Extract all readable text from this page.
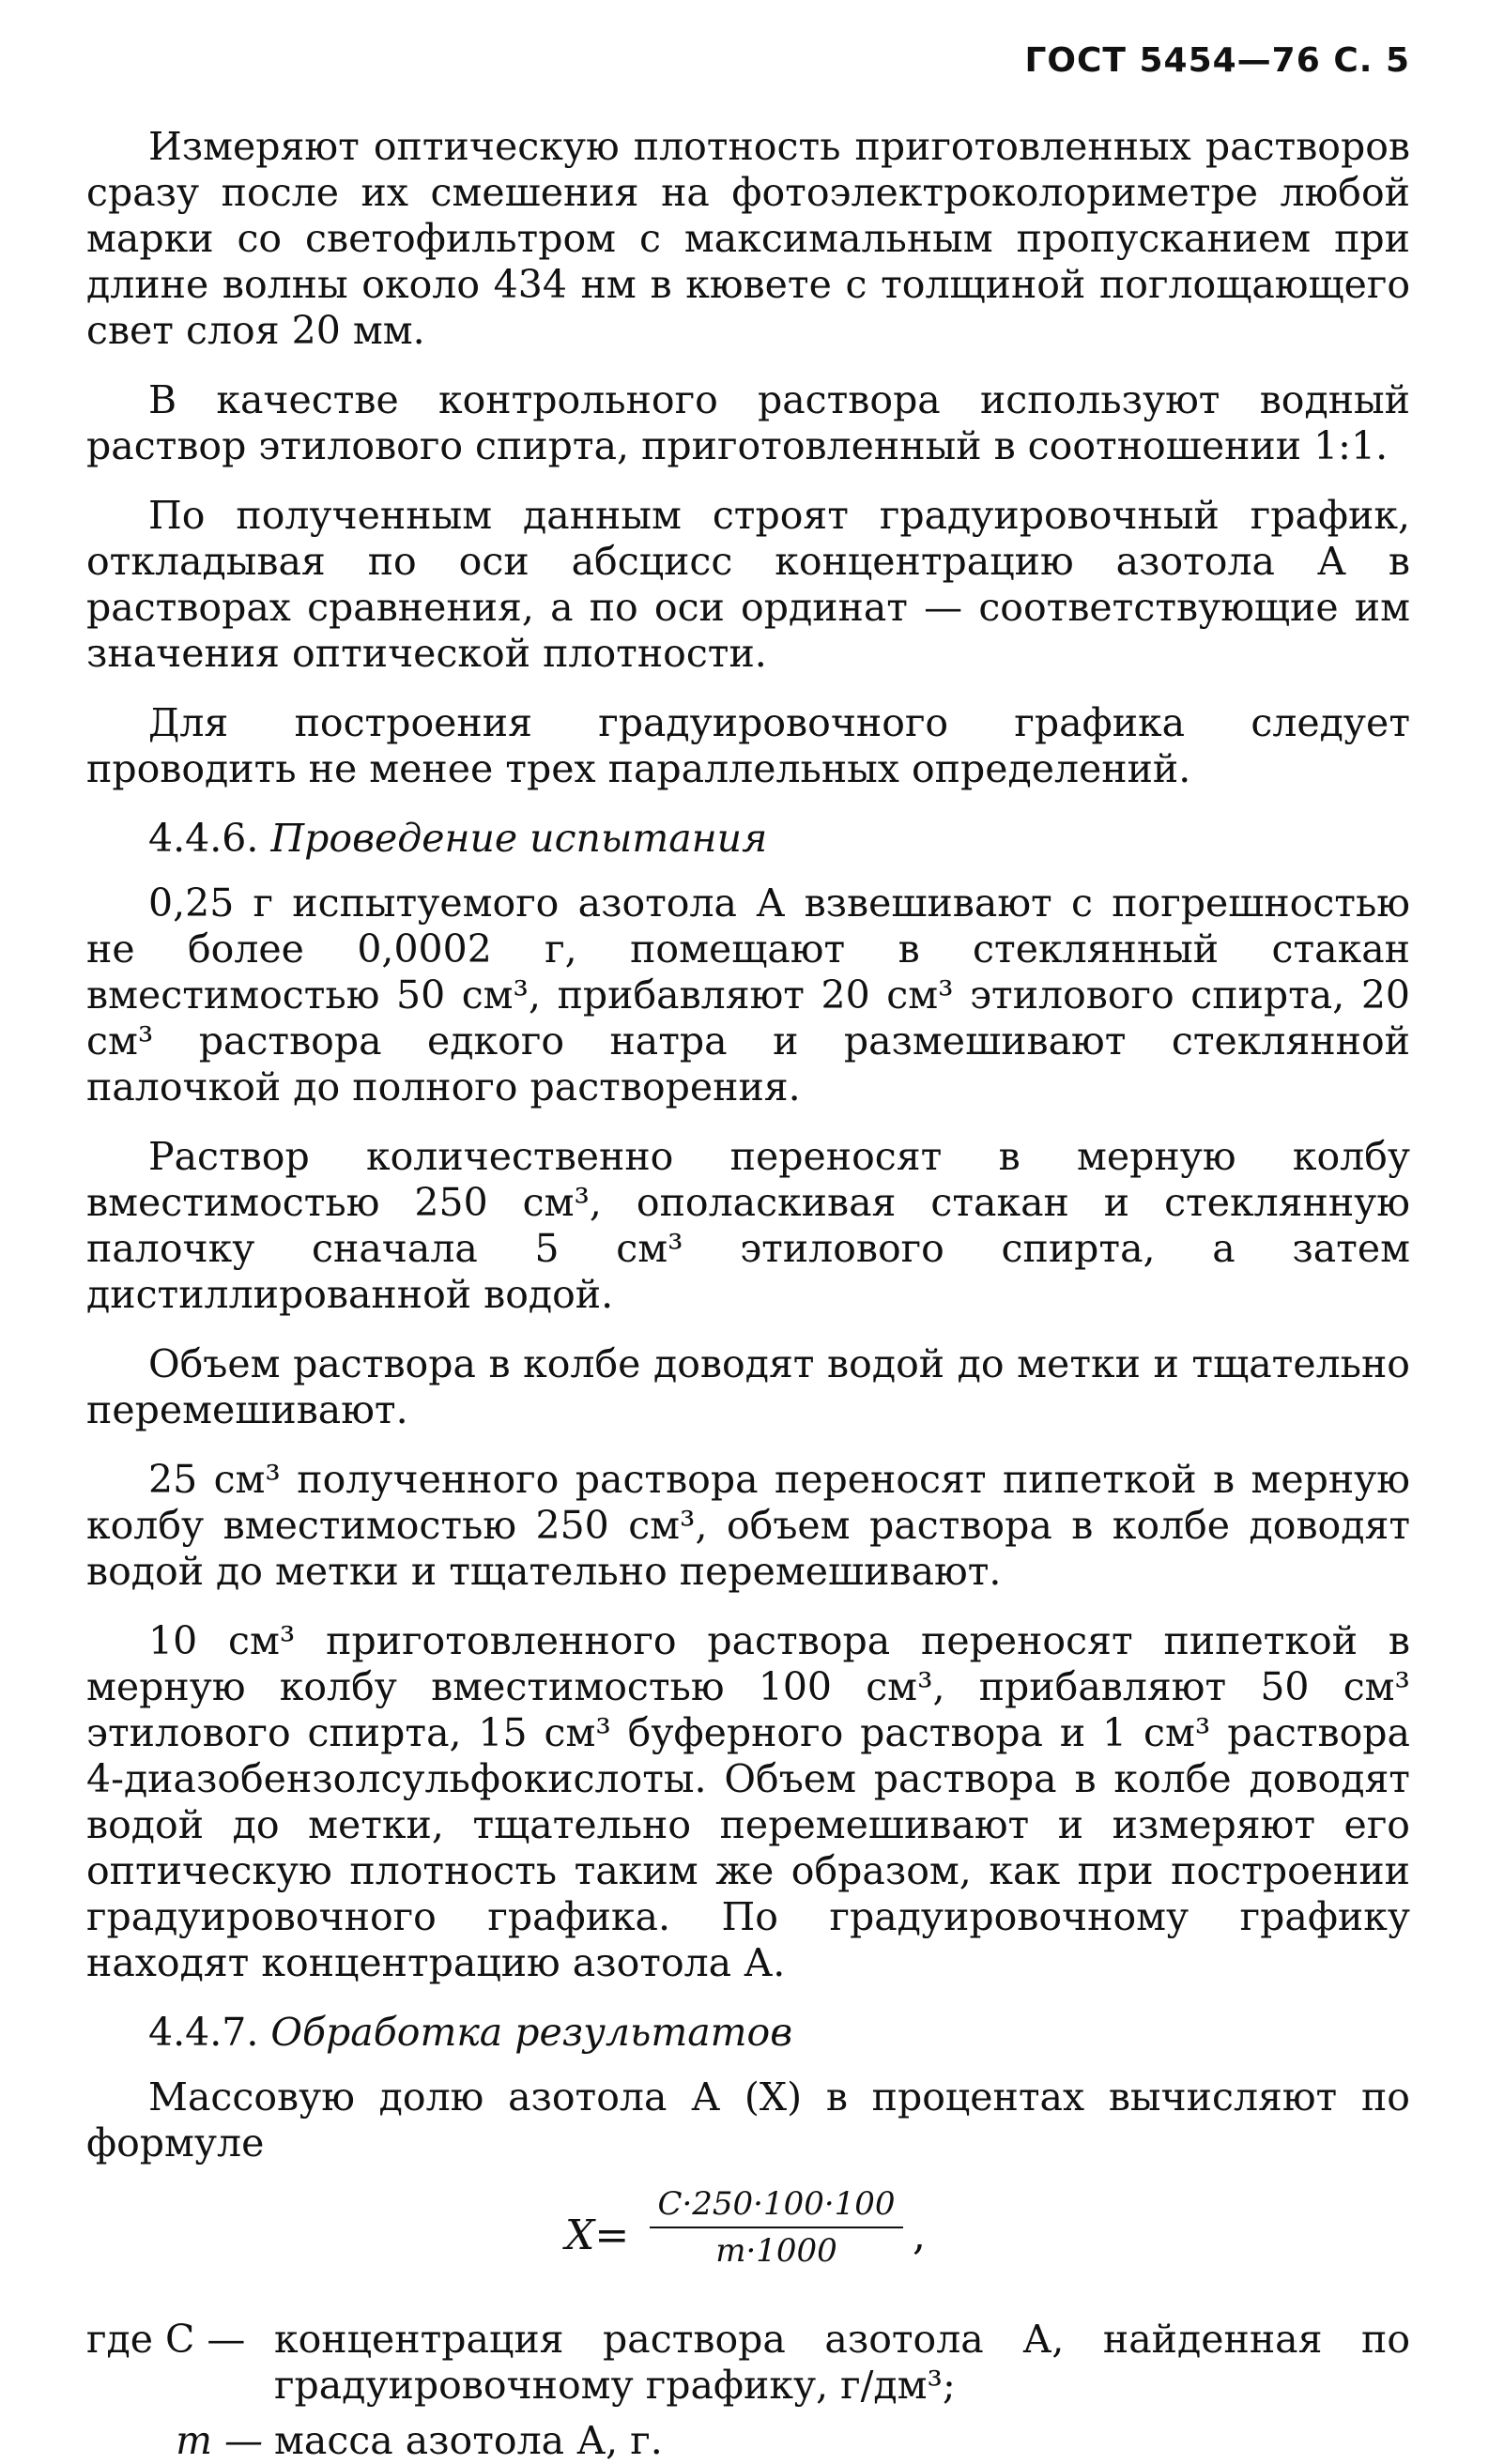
ГОСТ 5454—76 С. 5

Измеряют оптическую плотность приготовленных растворов сразу после их смешения на фотоэлектроколориметре любой марки со светофильтром с максимальным пропусканием при длине волны около 434 нм в кювете с толщиной поглощающего свет слоя 20 мм.

В качестве контрольного раствора используют водный раствор этилового спирта, приготовленный в соотношении 1:1.

По полученным данным строят градуировочный график, откладывая по оси абсцисс концентрацию азотола А в растворах сравнения, а по оси ординат — соответствующие им значения оптической плотности.

Для построения градуировочного графика следует проводить не менее трех параллельных определений.

4.4.6. Проведение испытания

0,25 г испытуемого азотола А взвешивают с погрешностью не более 0,0002 г, помещают в стеклянный стакан вместимостью 50 см³, прибавляют 20 см³ этилового спирта, 20 см³ раствора едкого натра и размешивают стеклянной палочкой до полного растворения.

Раствор количественно переносят в мерную колбу вместимостью 250 см³, ополаскивая стакан и стеклянную палочку сначала 5 см³ этилового спирта, а затем дистиллированной водой.

Объем раствора в колбе доводят водой до метки и тщательно перемешивают.

25 см³ полученного раствора переносят пипеткой в мерную колбу вместимостью 250 см³, объем раствора в колбе доводят водой до метки и тщательно перемешивают.

10 см³ приготовленного раствора переносят пипеткой в мерную колбу вместимостью 100 см³, прибавляют 50 см³ этилового спирта, 15 см³ буферного раствора и 1 см³ раствора 4-диазобензолсульфокислоты. Объем раствора в колбе доводят водой до метки, тщательно перемешивают и измеряют его оптическую плотность таким же образом, как при построении градуировочного графика. По градуировочному графику находят концентрацию азотола А.

4.4.7. Обработка результатов

Массовую долю азотола А (X) в процентах вычисляют по формуле

$X= \frac{C\cdot 250\cdot 100\cdot 100}{m\cdot 1000}$ ,
где C — концентрация раствора азотола А, найденная по градуировочному графику, г/дм³;
m — масса азотола А, г.
